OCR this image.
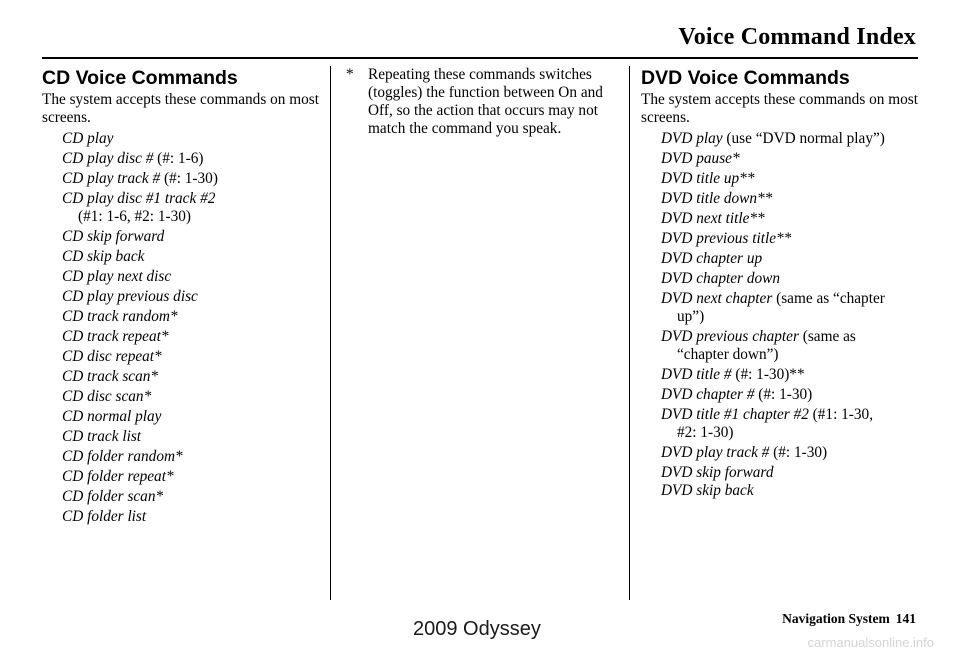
Voice Command Index
CD Voice Commands
The system accepts these commands on most screens.
CD play
CD play disc # (#: 1-6)
CD play track # (#: 1-30)
CD play disc #1 track #2
(#1: 1-6, #2: 1-30)
CD skip forward
CD skip back
CD play next disc
CD play previous disc
CD track random*
CD track repeat*
CD disc repeat*
CD track scan*
CD disc scan*
CD normal play
CD track list
CD folder random*
CD folder repeat*
CD folder scan*
CD folder list
* Repeating these commands switches (toggles) the function between On and Off, so the action that occurs may not match the command you speak.
DVD Voice Commands
The system accepts these commands on most screens.
DVD play (use “DVD normal play”)
DVD pause*
DVD title up**
DVD title down**
DVD next title**
DVD previous title**
DVD chapter up
DVD chapter down
DVD next chapter (same as “chapter
up”)
DVD previous chapter (same as
“chapter down”)
DVD title # (#: 1-30)**
DVD chapter # (#: 1-30)
DVD title #1 chapter #2 (#1: 1-30,
#2: 1-30)
DVD play track # (#: 1-30)
DVD skip forward
DVD skip back
Navigation System 141
2009 Odyssey
carmanualsonline.info
